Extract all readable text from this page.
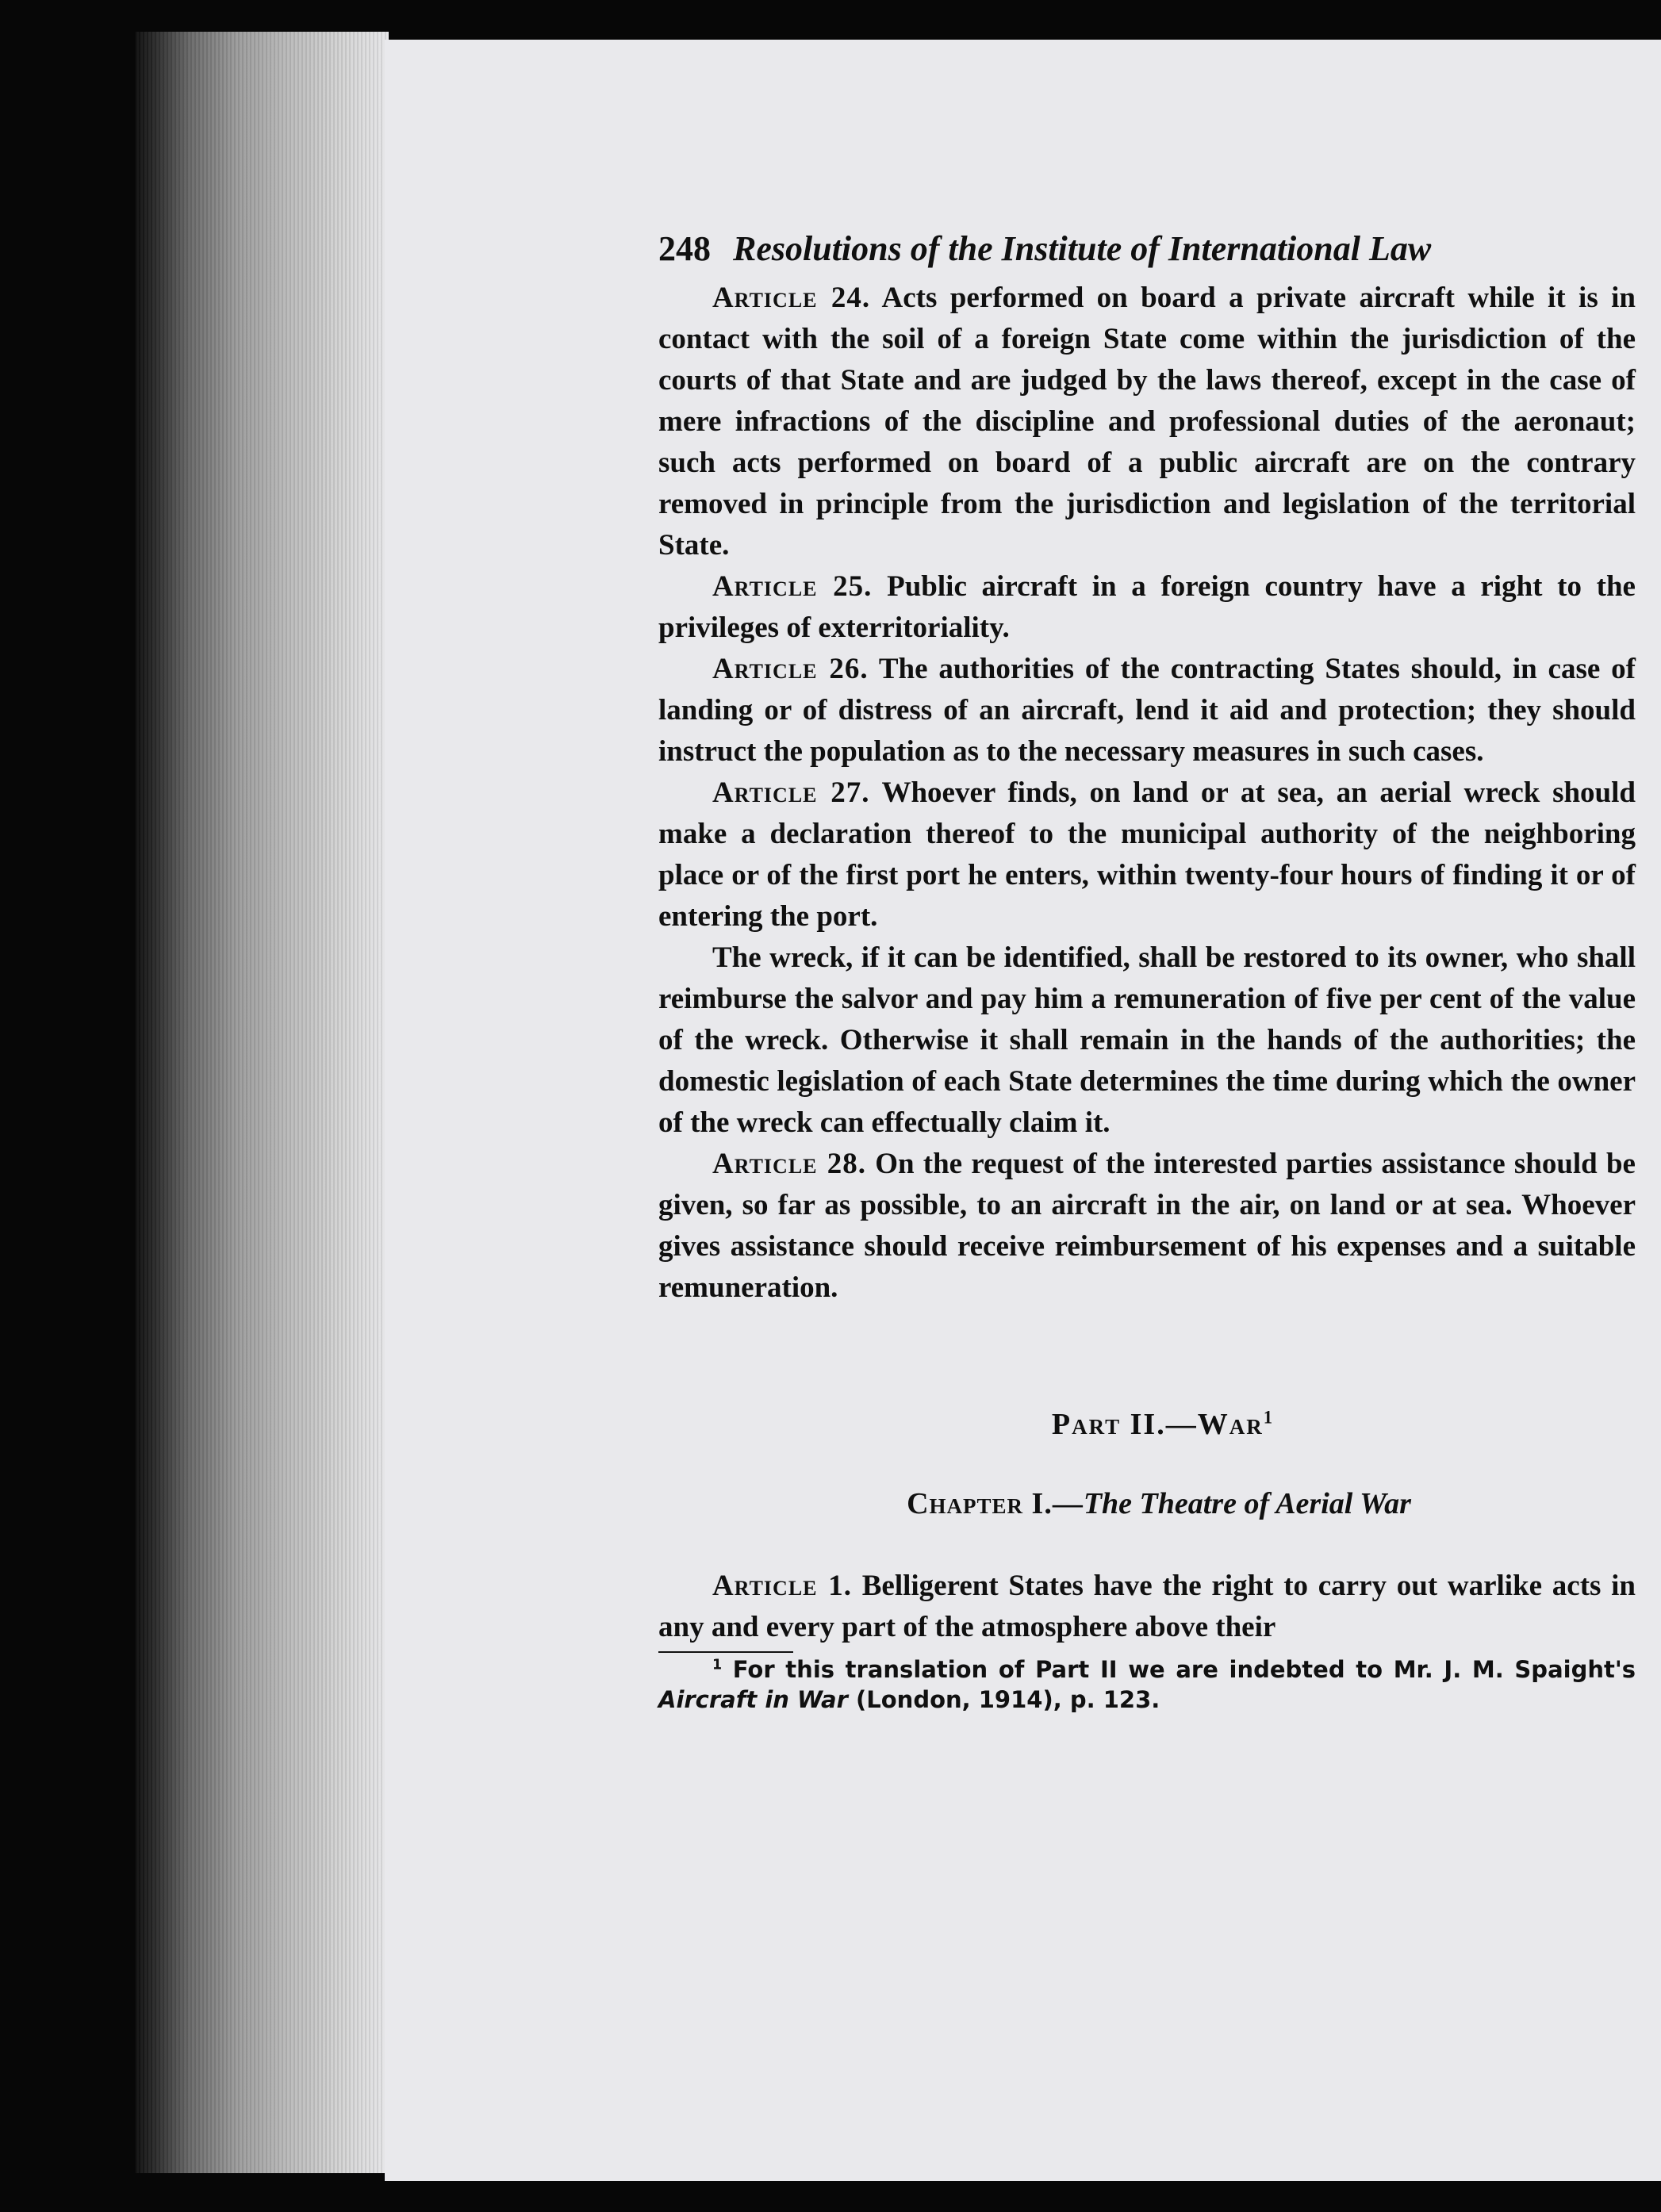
248 Resolutions of the Institute of International Law

Article 24. Acts performed on board a private aircraft while it is in contact with the soil of a foreign State come within the jurisdiction of the courts of that State and are judged by the laws thereof, except in the case of mere infractions of the discipline and professional duties of the aeronaut; such acts performed on board of a public aircraft are on the contrary removed in principle from the jurisdiction and legislation of the territorial State.

Article 25. Public aircraft in a foreign country have a right to the privileges of exterritoriality.

Article 26. The authorities of the contracting States should, in case of landing or of distress of an aircraft, lend it aid and protection; they should instruct the population as to the necessary measures in such cases.

Article 27. Whoever finds, on land or at sea, an aerial wreck should make a declaration thereof to the municipal authority of the neighboring place or of the first port he enters, within twenty-four hours of finding it or of entering the port.

The wreck, if it can be identified, shall be restored to its owner, who shall reimburse the salvor and pay him a remuneration of five per cent of the value of the wreck. Otherwise it shall remain in the hands of the authorities; the domestic legislation of each State determines the time during which the owner of the wreck can effectually claim it.

Article 28. On the request of the interested parties assistance should be given, so far as possible, to an aircraft in the air, on land or at sea. Whoever gives assistance should receive reimbursement of his expenses and a suitable remuneration.

Part II.—War$^1$
Chapter I.—The Theatre of Aerial War

Article 1. Belligerent States have the right to carry out warlike acts in any and every part of the atmosphere above their

$^1$ For this translation of Part II we are indebted to Mr. J. M. Spaight's Aircraft in War (London, 1914), p. 123.
